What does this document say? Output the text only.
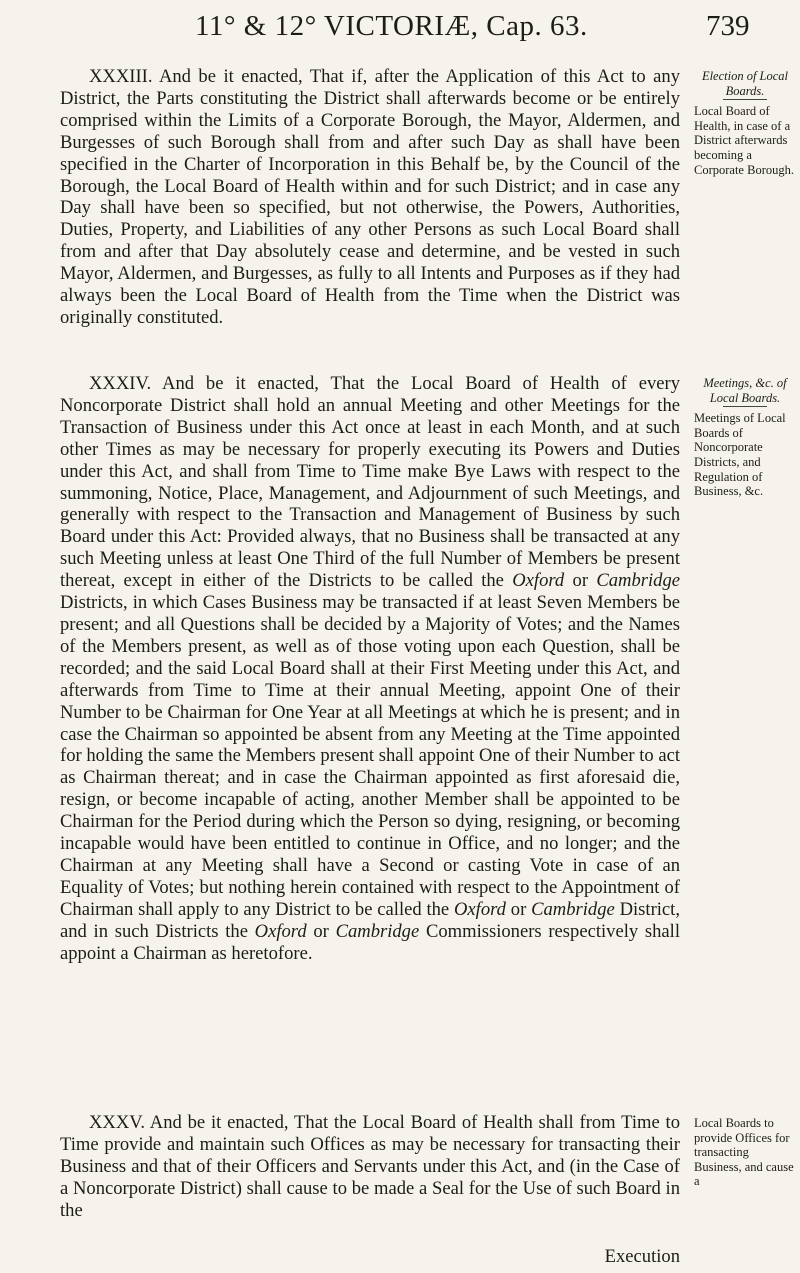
11° & 12° VICTORIÆ, Cap. 63.	739

XXXIII. And be it enacted, That if, after the Application of this Act to any District, the Parts constituting the District shall afterwards become or be entirely comprised within the Limits of a Corporate Borough, the Mayor, Aldermen, and Burgesses of such Borough shall from and after such Day as shall have been specified in the Charter of Incorporation in this Behalf be, by the Council of the Borough, the Local Board of Health within and for such District; and in case any Day shall have been so specified, but not otherwise, the Powers, Authorities, Duties, Property, and Liabilities of any other Persons as such Local Board shall from and after that Day absolutely cease and determine, and be vested in such Mayor, Aldermen, and Burgesses, as fully to all Intents and Purposes as if they had always been the Local Board of Health from the Time when the District was originally constituted.

Election of Local Boards.
Local Board of Health, in case of a District afterwards becoming a Corporate Borough.

XXXIV. And be it enacted, That the Local Board of Health of every Noncorporate District shall hold an annual Meeting and other Meetings for the Transaction of Business under this Act once at least in each Month, and at such other Times as may be necessary for properly executing its Powers and Duties under this Act, and shall from Time to Time make Bye Laws with respect to the summoning, Notice, Place, Management, and Adjournment of such Meetings, and generally with respect to the Transaction and Management of Business by such Board under this Act: Provided always, that no Business shall be transacted at any such Meeting unless at least One Third of the full Number of Members be present thereat, except in either of the Districts to be called the Oxford or Cambridge Districts, in which Cases Business may be transacted if at least Seven Members be present; and all Questions shall be decided by a Majority of Votes; and the Names of the Members present, as well as of those voting upon each Question, shall be recorded; and the said Local Board shall at their First Meeting under this Act, and afterwards from Time to Time at their annual Meeting, appoint One of their Number to be Chairman for One Year at all Meetings at which he is present; and in case the Chairman so appointed be absent from any Meeting at the Time appointed for holding the same the Members present shall appoint One of their Number to act as Chairman thereat; and in case the Chairman appointed as first aforesaid die, resign, or become incapable of acting, another Member shall be appointed to be Chairman for the Period during which the Person so dying, resigning, or becoming incapable would have been entitled to continue in Office, and no longer; and the Chairman at any Meeting shall have a Second or casting Vote in case of an Equality of Votes; but nothing herein contained with respect to the Appointment of Chairman shall apply to any District to be called the Oxford or Cambridge District, and in such Districts the Oxford or Cambridge Commissioners respectively shall appoint a Chairman as heretofore.

Meetings, &c. of Local Boards.
Meetings of Local Boards of Noncorporate Districts, and Regulation of Business, &c.

XXXV. And be it enacted, That the Local Board of Health shall from Time to Time provide and maintain such Offices as may be necessary for transacting their Business and that of their Officers and Servants under this Act, and (in the Case of a Noncorporate District) shall cause to be made a Seal for the Use of such Board in the

Local Boards to provide Offices for transacting Business, and cause a
Execution
